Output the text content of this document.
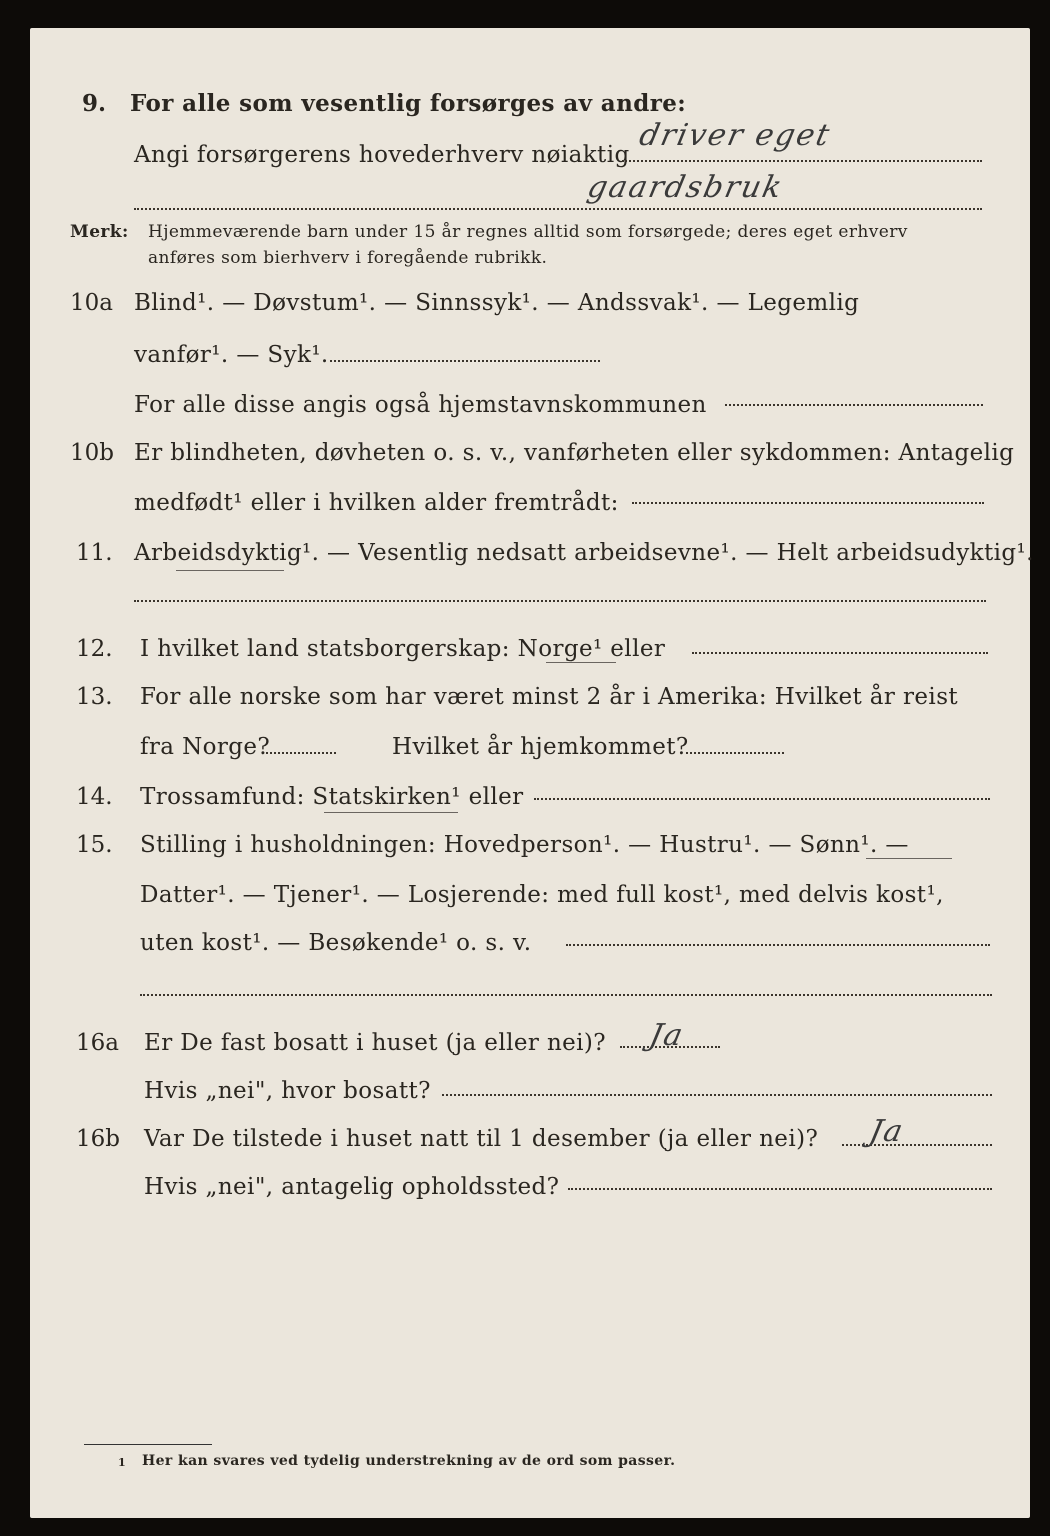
9. For alle som vesentlig forsørges av andre:
Angi forsørgerens hovederhverv nøiaktig
driver eget
gaardsbruk
Merk: Hjemmeværende barn under 15 år regnes alltid som forsørgede; deres eget erhverv
anføres som bierhverv i foregående rubrikk.
10a Blind¹. — Døvstum¹. — Sinnssyk¹. — Andssvak¹. — Legemlig
vanfør¹. — Syk¹.
For alle disse angis også hjemstavnskommunen
10b Er blindheten, døvheten o. s. v., vanførheten eller sykdommen: Antagelig
medfødt¹ eller i hvilken alder fremtrådt:
11. Arbeidsdyktig¹. — Vesentlig nedsatt arbeidsevne¹. — Helt arbeidsudyktig¹.
12. I hvilket land statsborgerskap: Norge¹ eller
13. For alle norske som har været minst 2 år i Amerika: Hvilket år reist
fra Norge?	Hvilket år hjemkommet?
14. Trossamfund: Statskirken¹ eller
15. Stilling i husholdningen: Hovedperson¹. — Hustru¹. — Sønn¹. —
Datter¹. — Tjener¹. — Losjerende: med full kost¹, med delvis kost¹,
uten kost¹. — Besøkende¹ o. s. v.
16a Er De fast bosatt i huset (ja eller nei)? Ja
Hvis „nei", hvor bosatt?
16b Var De tilstede i huset natt til 1 desember (ja eller nei)? Ja
Hvis „nei", antagelig opholdssted?
1 Her kan svares ved tydelig understrekning av de ord som passer.
